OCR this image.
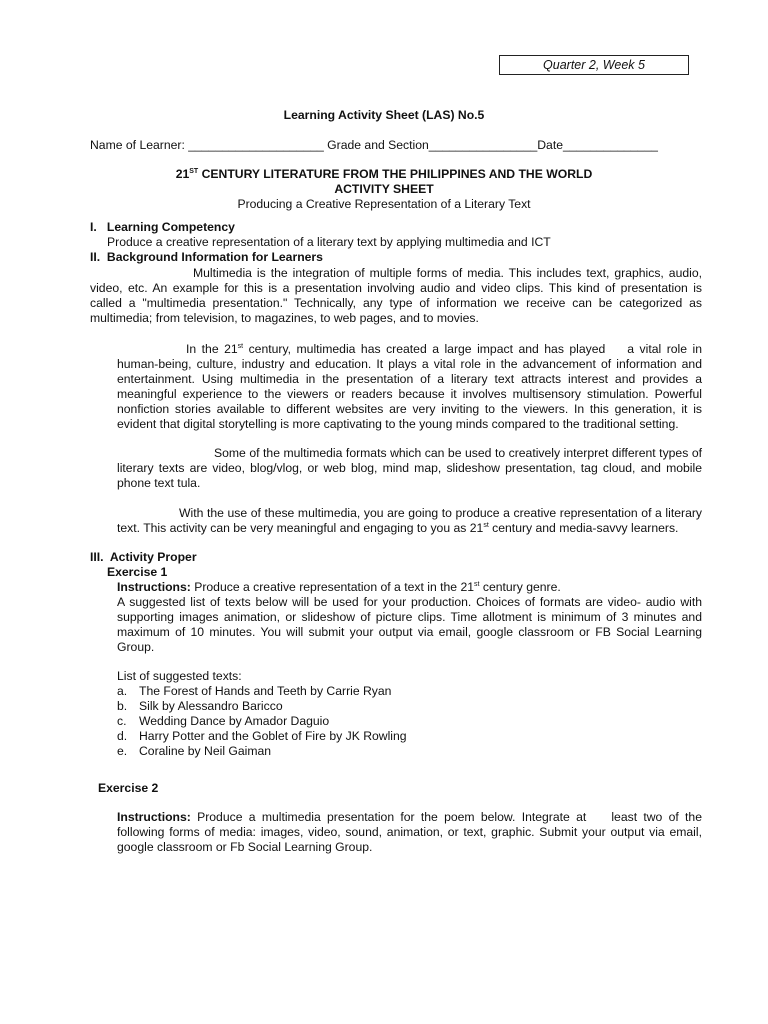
Quarter 2, Week 5
Learning Activity Sheet (LAS) No.5
Name of Learner: ____________________ Grade and Section________________Date______________
21ST CENTURY LITERATURE FROM THE PHILIPPINES AND THE WORLD
ACTIVITY SHEET
Producing a Creative Representation of a Literary Text
I.   Learning Competency
Produce a creative representation of a literary text by applying multimedia and ICT
II.  Background Information for Learners
Multimedia is the integration of multiple forms of media. This includes text, graphics, audio,
video, etc. An example for this is a presentation involving audio and video clips. This kind of presentation is
called a "multimedia presentation." Technically, any type of information we receive can be categorized as
multimedia; from television, to magazines, to web pages, and to movies.
In the 21st century, multimedia has created a large impact and has played    a vital role in
human-being, culture, industry and education. It plays a vital role in the advancement of information and
entertainment. Using multimedia in the presentation of a literary text attracts interest and provides a
meaningful experience to the viewers or readers because it involves multisensory stimulation. Powerful
nonfiction stories available to different websites are very inviting to the viewers. In this generation, it is
evident that digital storytelling is more captivating to the young minds compared to the traditional setting.
Some of the multimedia formats which can be used to creatively interpret different types of
literary texts are video, blog/vlog, or web blog, mind map, slideshow presentation, tag cloud, and mobile
phone text tula.
With the use of these multimedia, you are going to produce a creative representation of a literary
text. This activity can be very meaningful and engaging to you as 21st century and media-savvy learners.
III.  Activity Proper
Exercise 1
Instructions: Produce a creative representation of a text in the 21st century genre.
A suggested list of texts below will be used for your production. Choices of formats are video- audio with
supporting images animation, or slideshow of picture clips. Time allotment is minimum of 3 minutes and
maximum of 10 minutes. You will submit your output via email, google classroom or FB Social Learning
Group.
List of suggested texts:
a. The Forest of Hands and Teeth by Carrie Ryan
b. Silk by Alessandro Baricco
c. Wedding Dance by Amador Daguio
d. Harry Potter and the Goblet of Fire by JK Rowling
e. Coraline by Neil Gaiman
Exercise 2
Instructions: Produce a multimedia presentation for the poem below. Integrate at    least two of the
following forms of media: images, video, sound, animation, or text, graphic. Submit your output via email,
google classroom or Fb Social Learning Group.
